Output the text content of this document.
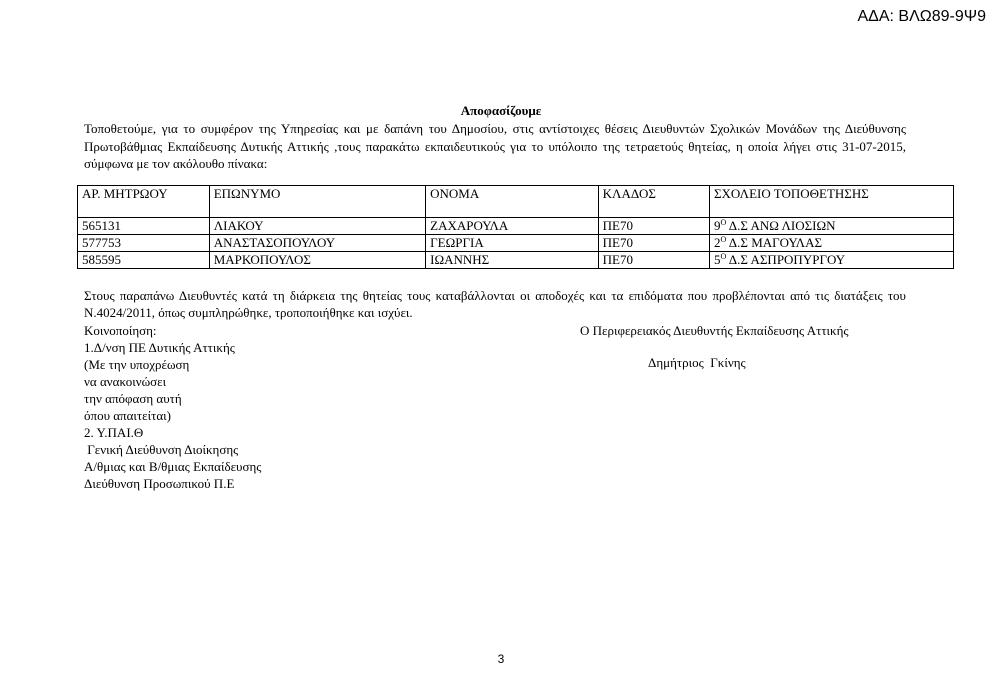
ΑΔΑ: ΒΛΩ89-9Ψ9
Αποφασίζουμε

Τοποθετούμε, για το συμφέρον της Υπηρεσίας και με δαπάνη του Δημοσίου, στις αντίστοιχες θέσεις Διευθυντών Σχολικών Μονάδων της Διεύθυνσης Πρωτοβάθμιας Εκπαίδευσης Δυτικής Αττικής ,τους παρακάτω εκπαιδευτικούς για το υπόλοιπο της τετραετούς θητείας, η οποία λήγει στις 31-07-2015, σύμφωνα με τον ακόλουθο πίνακα:

ΑΡ. ΜΗΤΡΩΟΥ	ΕΠΩΝΥΜΟ	ΟΝΟΜΑ	ΚΛΑΔΟΣ	ΣΧΟΛΕΙΟ ΤΟΠΟΘΕΤΗΣΗΣ
565131	ΛΙΑΚΟΥ	ΖΑΧΑΡΟΥΛΑ	ΠΕ70	$9^O$ Δ.Σ ΑΝΩ ΛΙΟΣΙΩΝ
577753	ΑΝΑΣΤΑΣΟΠΟΥΛΟΥ	ΓΕΩΡΓΙΑ	ΠΕ70	$2^O$ Δ.Σ ΜΑΓΟΥΛΑΣ
585595	ΜΑΡΚΟΠΟΥΛΟΣ	ΙΩΑΝΝΗΣ	ΠΕ70	$5^O$ Δ.Σ ΑΣΠΡΟΠΥΡΓΟΥ

Στους παραπάνω Διευθυντές κατά τη διάρκεια της θητείας τους καταβάλλονται οι αποδοχές και τα επιδόματα που προβλέπονται από τις διατάξεις του Ν.4024/2011, όπως συμπληρώθηκε, τροποποιήθηκε και ισχύει.

Κοινοποίηση:
1.Δ/νση ΠΕ Δυτικής Αττικής
(Με την υποχρέωση
να ανακοινώσει
την απόφαση αυτή
όπου απαιτείται)
2. Υ.ΠΑΙ.Θ
Γενική Διεύθυνση Διοίκησης
Α/θμιας και Β/θμιας Εκπαίδευσης
Διεύθυνση Προσωπικού Π.Ε
Ο Περιφερειακός Διευθυντής Εκπαίδευσης Αττικής
Δημήτριος  Γκίνης
3
